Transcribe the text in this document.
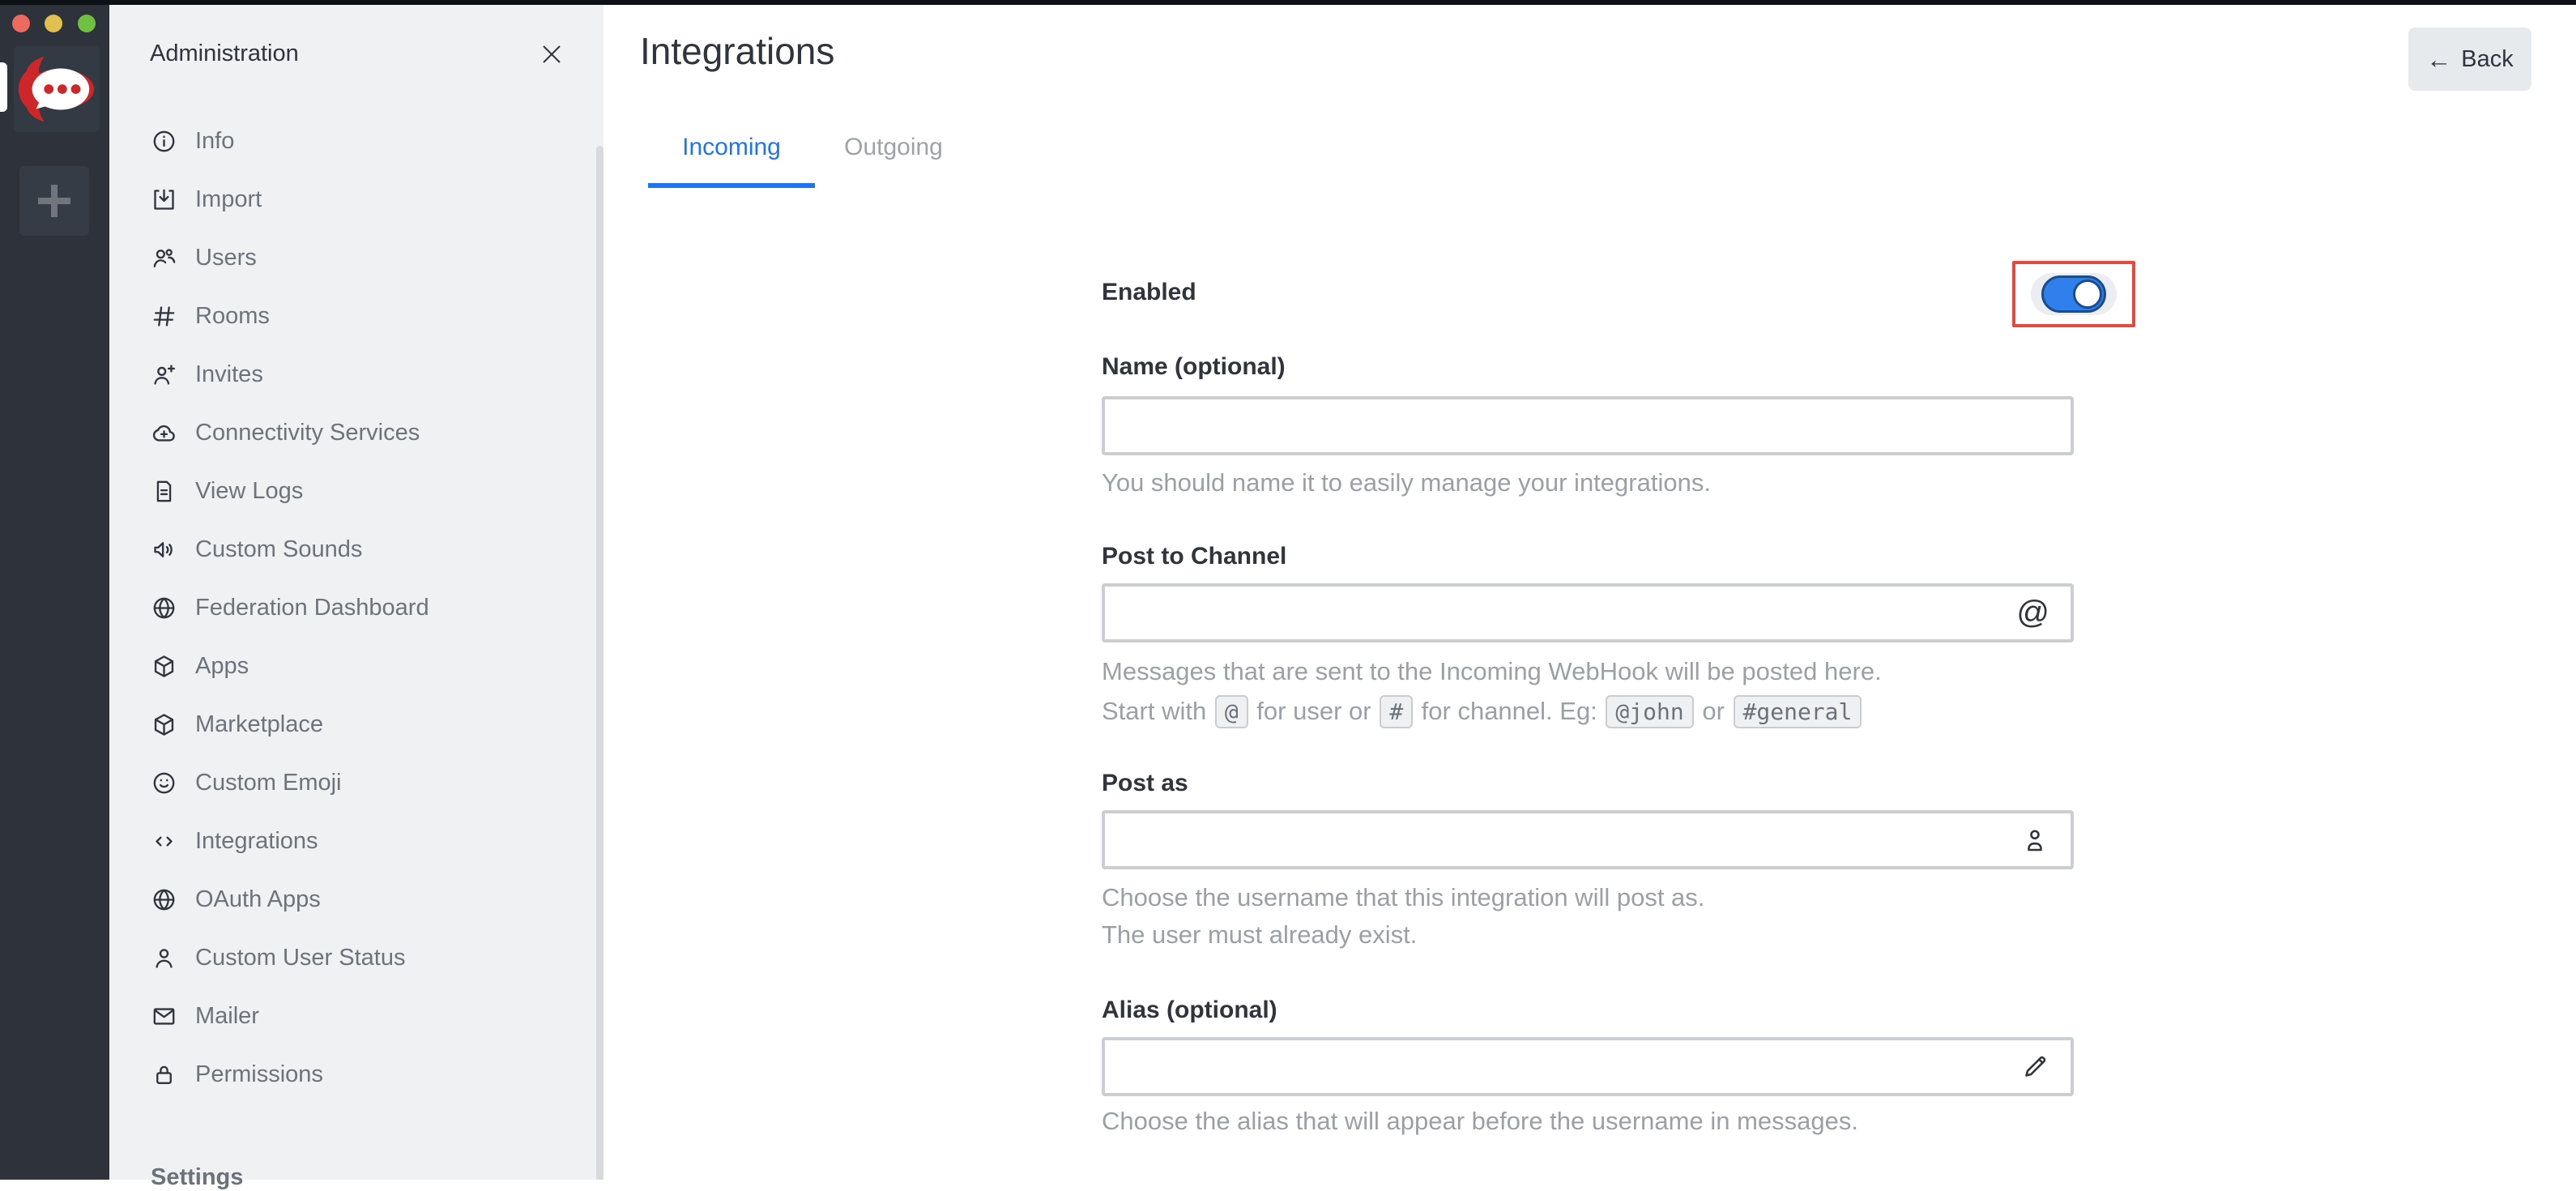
Administration
Info
Import
Users
Rooms
Invites
Connectivity Services
View Logs
Custom Sounds
Federation Dashboard
Apps
Marketplace
Custom Emoji
Integrations
OAuth Apps
Custom User Status
Mailer
Permissions
Settings
Integrations	← Back
Incoming	Outgoing
Enabled
Name (optional)
You should name it to easily manage your integrations.
Post to Channel
@
Messages that are sent to the Incoming WebHook will be posted here.
Start with @ for user or # for channel. Eg: @john or #general
Post as
Choose the username that this integration will post as.
The user must already exist.
Alias (optional)
Choose the alias that will appear before the username in messages.
